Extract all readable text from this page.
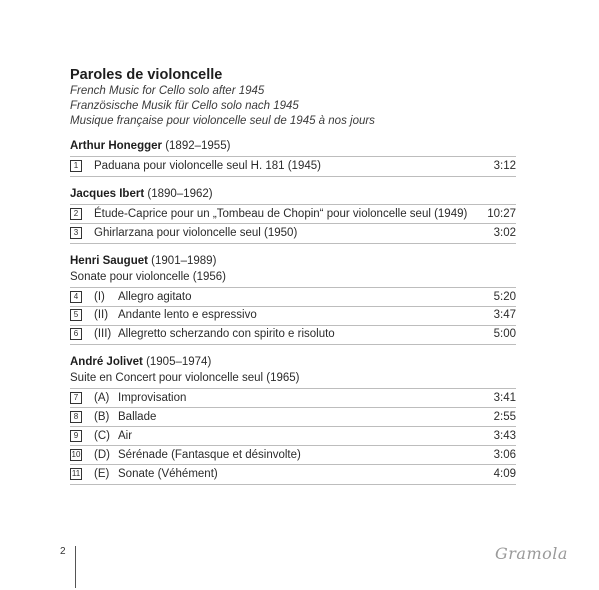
Paroles de violoncelle
French Music for Cello solo after 1945
Französische Musik für Cello solo nach 1945
Musique française pour violoncelle seul de 1945 à nos jours
Arthur Honegger (1892–1955)
1	Paduana pour violoncelle seul H. 181 (1945)	3:12
Jacques Ibert (1890–1962)
2	Étude-Caprice pour un „Tombeau de Chopin“ pour violoncelle seul (1949) 10:27
3	Ghirlarzana pour violoncelle seul (1950)	3:02
Henri Sauguet (1901–1989)
Sonate pour violoncelle (1956)
4	(I) Allegro agitato	5:20
5	(II) Andante lento e espressivo	3:47
6	(III) Allegretto scherzando con spirito e risoluto	5:00
André Jolivet (1905–1974)
Suite en Concert pour violoncelle seul (1965)
7	(A) Improvisation	3:41
8	(B) Ballade	2:55
9	(C) Air	3:43
10 (D) Sérénade (Fantasque et désinvolte)	3:06
11 (E) Sonate (Véhément)	4:09
2	Gramola
